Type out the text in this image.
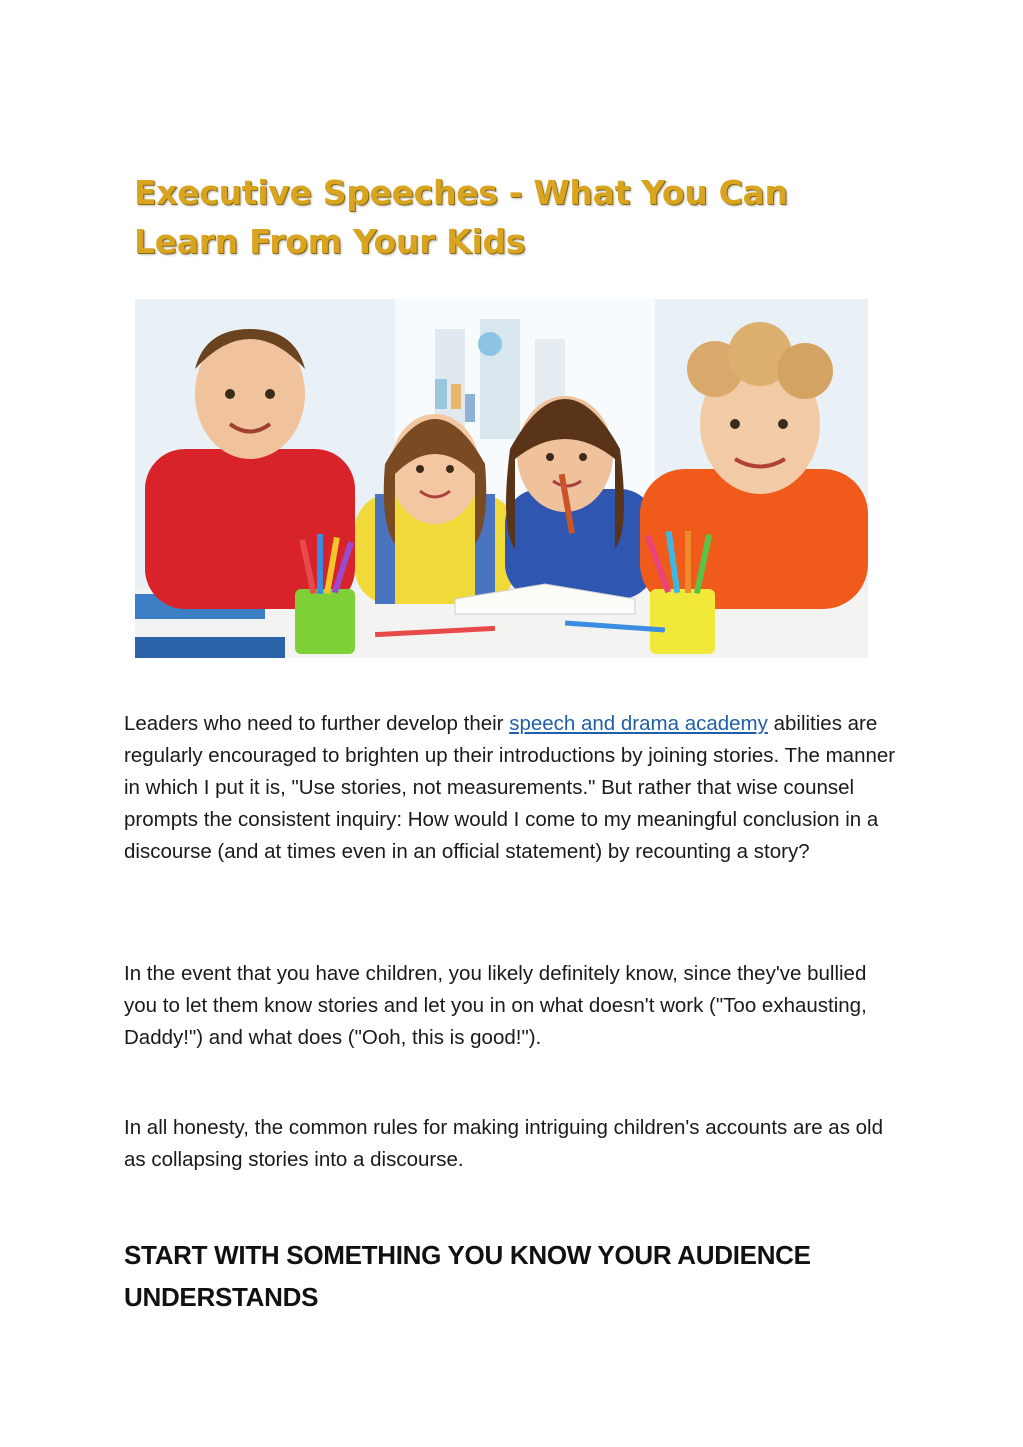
Executive Speeches - What You Can Learn From Your Kids

Leaders who need to further develop their speech and drama academy abilities are regularly encouraged to brighten up their introductions by joining stories. The manner in which I put it is, "Use stories, not measurements." But rather that wise counsel prompts the consistent inquiry: How would I come to my meaningful conclusion in a discourse (and at times even in an official statement) by recounting a story?

In the event that you have children, you likely definitely know, since they've bullied you to let them know stories and let you in on what doesn't work ("Too exhausting, Daddy!") and what does ("Ooh, this is good!").

In all honesty, the common rules for making intriguing children's accounts are as old as collapsing stories into a discourse.

START WITH SOMETHING YOU KNOW YOUR AUDIENCE UNDERSTANDS
